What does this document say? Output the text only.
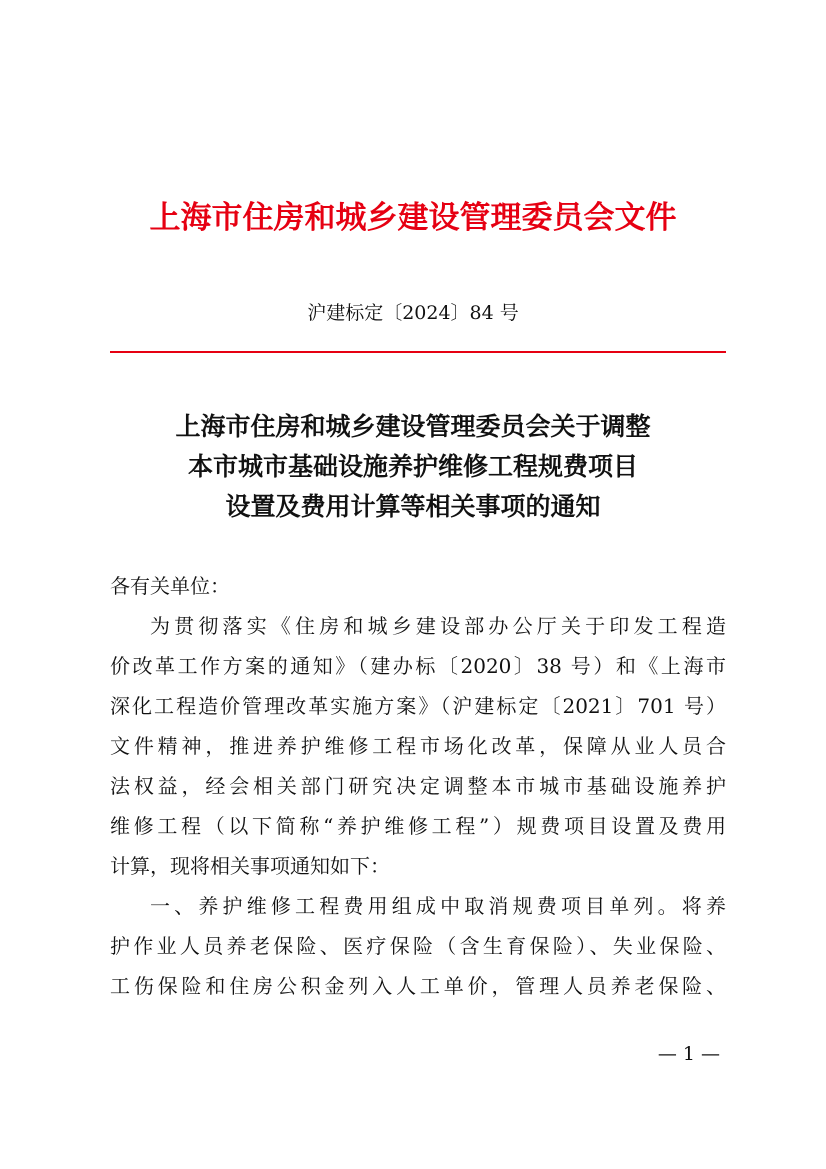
上海市住房和城乡建设管理委员会文件
沪建标定〔2024〕84 号
上海市住房和城乡建设管理委员会关于调整
本市城市基础设施养护维修工程规费项目
设置及费用计算等相关事项的通知
各有关单位：
为贯彻落实《住房和城乡建设部办公厅关于印发工程造
价改革工作方案的通知》（建办标〔2020〕38 号）和《上海市
深化工程造价管理改革实施方案》（沪建标定〔2021〕701 号）
文件精神，推进养护维修工程市场化改革，保障从业人员合
法权益，经会相关部门研究决定调整本市城市基础设施养护
维修工程（以下简称“养护维修工程”）规费项目设置及费用
计算，现将相关事项通知如下：
一、养护维修工程费用组成中取消规费项目单列。将养
护作业人员养老保险、医疗保险（含生育保险）、失业保险、
工伤保险和住房公积金列入人工单价，管理人员养老保险、
— 1 —
